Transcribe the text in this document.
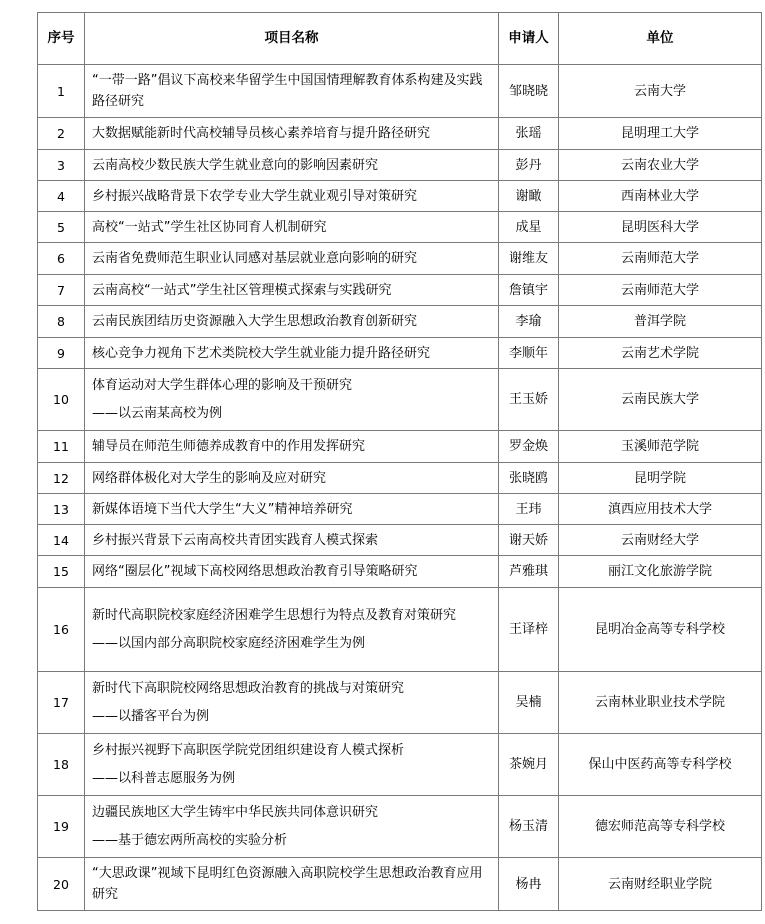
序号	项目名称	申请人	单位
1	“一带一路”倡议下高校来华留学生中国国情理解教育体系构建及实践路径研究	邹晓晓	云南大学
2	大数据赋能新时代高校辅导员核心素养培育与提升路径研究	张瑶	昆明理工大学
3	云南高校少数民族大学生就业意向的影响因素研究	彭丹	云南农业大学
4	乡村振兴战略背景下农学专业大学生就业观引导对策研究	谢瞰	西南林业大学
5	高校“一站式”学生社区协同育人机制研究	成星	昆明医科大学
6	云南省免费师范生职业认同感对基层就业意向影响的研究	谢维友	云南师范大学
7	云南高校“一站式”学生社区管理模式探索与实践研究	詹镇宇	云南师范大学
8	云南民族团结历史资源融入大学生思想政治教育创新研究	李瑜	普洱学院
9	核心竞争力视角下艺术类院校大学生就业能力提升路径研究	李顺年	云南艺术学院
10	体育运动对大学生群体心理的影响及干预研究
——以云南某高校为例	王玉娇	云南民族大学
11	辅导员在师范生师德养成教育中的作用发挥研究	罗金焕	玉溪师范学院
12	网络群体极化对大学生的影响及应对研究	张晓鸥	昆明学院
13	新媒体语境下当代大学生“大义”精神培养研究	王玮	滇西应用技术大学
14	乡村振兴背景下云南高校共青团实践育人模式探索	谢天娇	云南财经大学
15	网络“圈层化”视域下高校网络思想政治教育引导策略研究	芦雅琪	丽江文化旅游学院
16	新时代高职院校家庭经济困难学生思想行为特点及教育对策研究
——以国内部分高职院校家庭经济困难学生为例	王译梓	昆明冶金高等专科学校
17	新时代下高职院校网络思想政治教育的挑战与对策研究
——以播客平台为例	吴楠	云南林业职业技术学院
18	乡村振兴视野下高职医学院党团组织建设育人模式探析
——以科普志愿服务为例	茶婉月	保山中医药高等专科学校
19	边疆民族地区大学生铸牢中华民族共同体意识研究
——基于德宏两所高校的实验分析	杨玉清	德宏师范高等专科学校
20	“大思政课”视域下昆明红色资源融入高职院校学生思想政治教育应用研究	杨冉	云南财经职业学院
